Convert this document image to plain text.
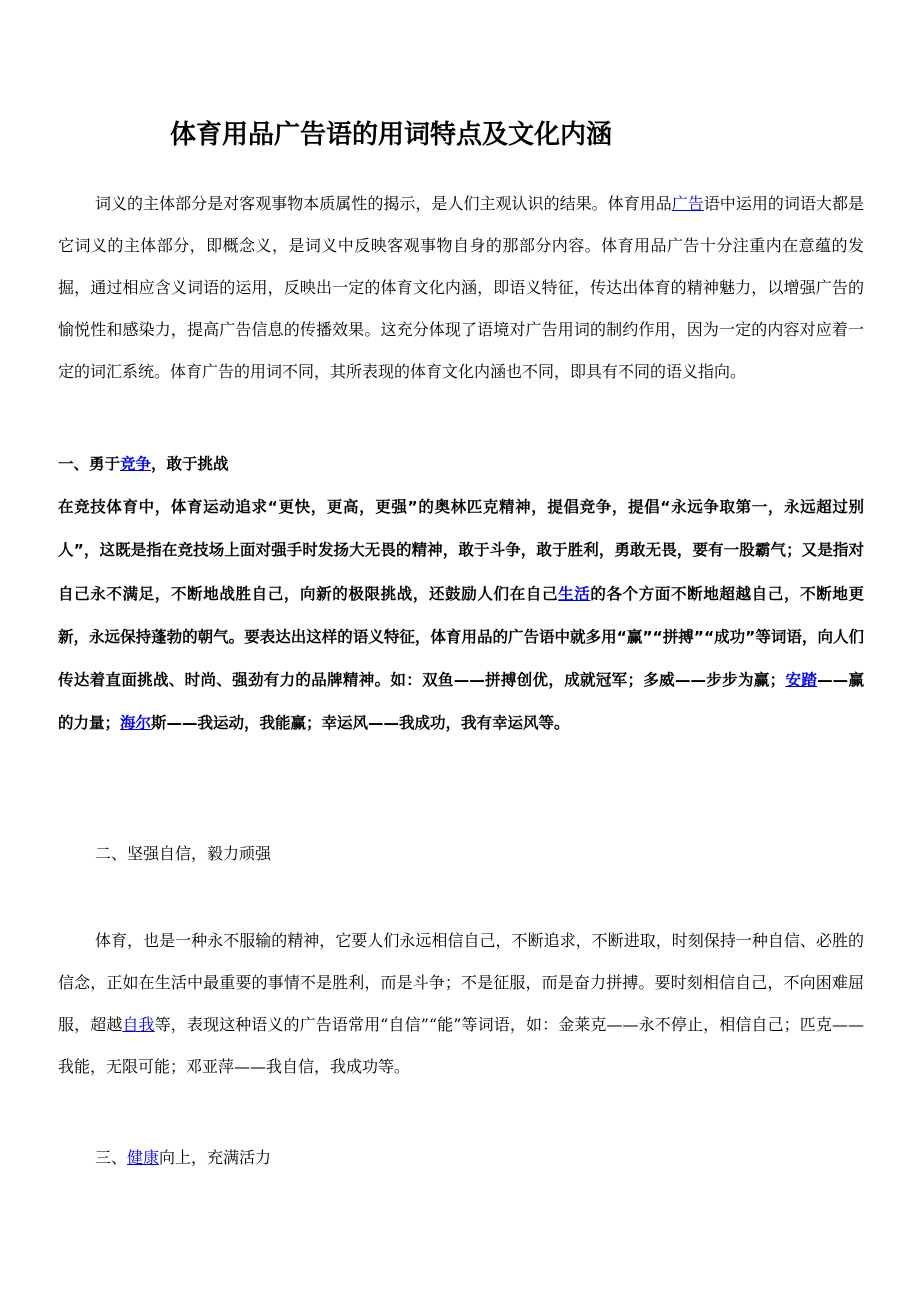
体育用品广告语的用词特点及文化内涵

词义的主体部分是对客观事物本质属性的揭示，是人们主观认识的结果。体育用品广告语中运用的词语大都是它词义的主体部分，即概念义，是词义中反映客观事物自身的那部分内容。体育用品广告十分注重内在意蕴的发掘，通过相应含义词语的运用，反映出一定的体育文化内涵，即语义特征，传达出体育的精神魅力，以增强广告的愉悦性和感染力，提高广告信息的传播效果。这充分体现了语境对广告用词的制约作用，因为一定的内容对应着一定的词汇系统。体育广告的用词不同，其所表现的体育文化内涵也不同，即具有不同的语义指向。

一、勇于竞争，敢于挑战

在竞技体育中，体育运动追求“更快，更高，更强”的奥林匹克精神，提倡竞争，提倡“永远争取第一，永远超过别人”，这既是指在竞技场上面对强手时发扬大无畏的精神，敢于斗争，敢于胜利，勇敢无畏，要有一股霸气；又是指对自己永不满足，不断地战胜自己，向新的极限挑战，还鼓励人们在自己生活的各个方面不断地超越自己，不断地更新，永远保持蓬勃的朝气。要表达出这样的语义特征，体育用品的广告语中就多用“赢”“拼搏”“成功”等词语，向人们传达着直面挑战、时尚、强劲有力的品牌精神。如：双鱼——拼搏创优，成就冠军；多威——步步为赢；安踏——赢的力量；海尔斯——我运动，我能赢；幸运风——我成功，我有幸运风等。

二、坚强自信，毅力顽强

体育，也是一种永不服输的精神，它要人们永远相信自己，不断追求，不断进取，时刻保持一种自信、必胜的信念，正如在生活中最重要的事情不是胜利，而是斗争；不是征服，而是奋力拼搏。要时刻相信自己，不向困难屈服，超越自我等，表现这种语义的广告语常用“自信”“能”等词语，如：金莱克——永不停止，相信自己；匹克——我能，无限可能；邓亚萍——我自信，我成功等。

三、健康向上，充满活力
